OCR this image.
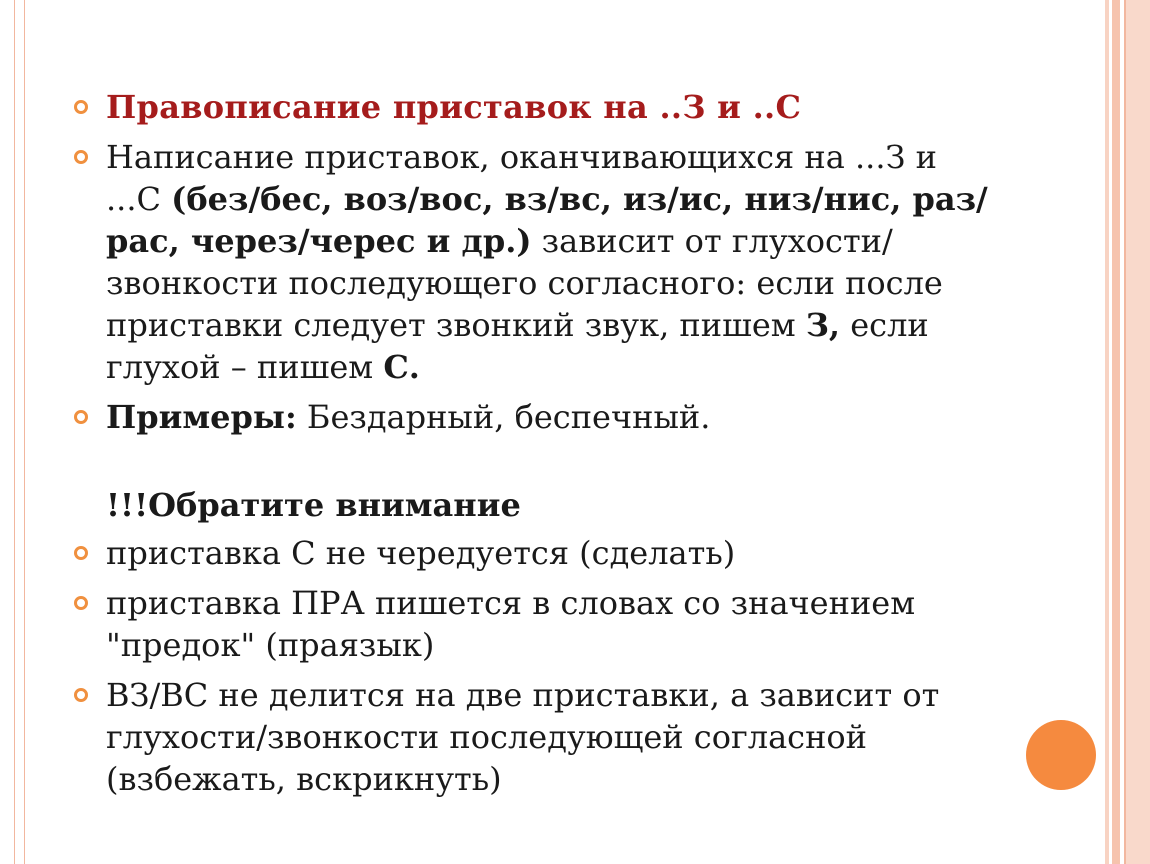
Правописание приставок на ..З и ..С
Написание приставок, оканчивающихся на ...З и ...С (без/бес, воз/вос, вз/вс, из/ис, низ/нис, раз/рас, через/черес и др.) зависит от глухости/звонкости последующего согласного: если после приставки следует звонкий звук, пишем З, если глухой – пишем С.
Примеры: Бездарный, беспечный.
!!!Обратите внимание
приставка С не чередуется (сделать)
приставка ПРА пишется в словах со значением "предок" (праязык)
ВЗ/ВС не делится на две приставки, а зависит от глухости/звонкости последующей согласной (взбежать, вскрикнуть)
